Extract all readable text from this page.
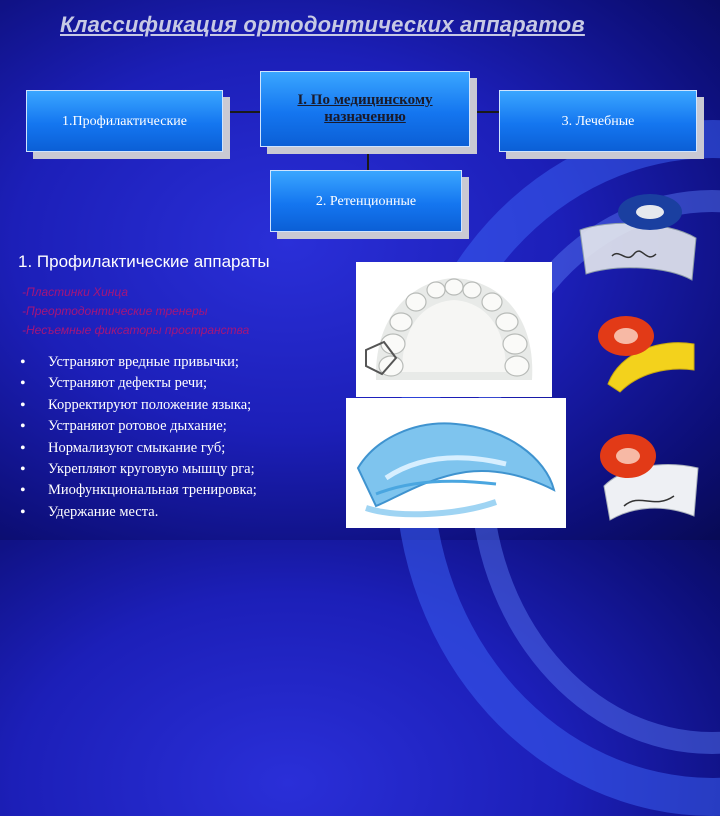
Классификация ортодонтических аппаратов
I. По медицинскому назначению
1.Профилактические	3. Лечебные
2. Ретенционные
1. Профилактические аппараты
-Пластинки Хинца
-Преортодонтические тренеры
-Несъемные фиксаторы пространства
• Устраняют вредные привычки;
• Устраняют дефекты речи;
• Корректируют положение языка;
• Устраняют ротовое дыхание;
• Нормализуют смыкание губ;
• Укрепляют круговую мышцу рга;
• Миофункциональная тренировка;
• Удержание места.
